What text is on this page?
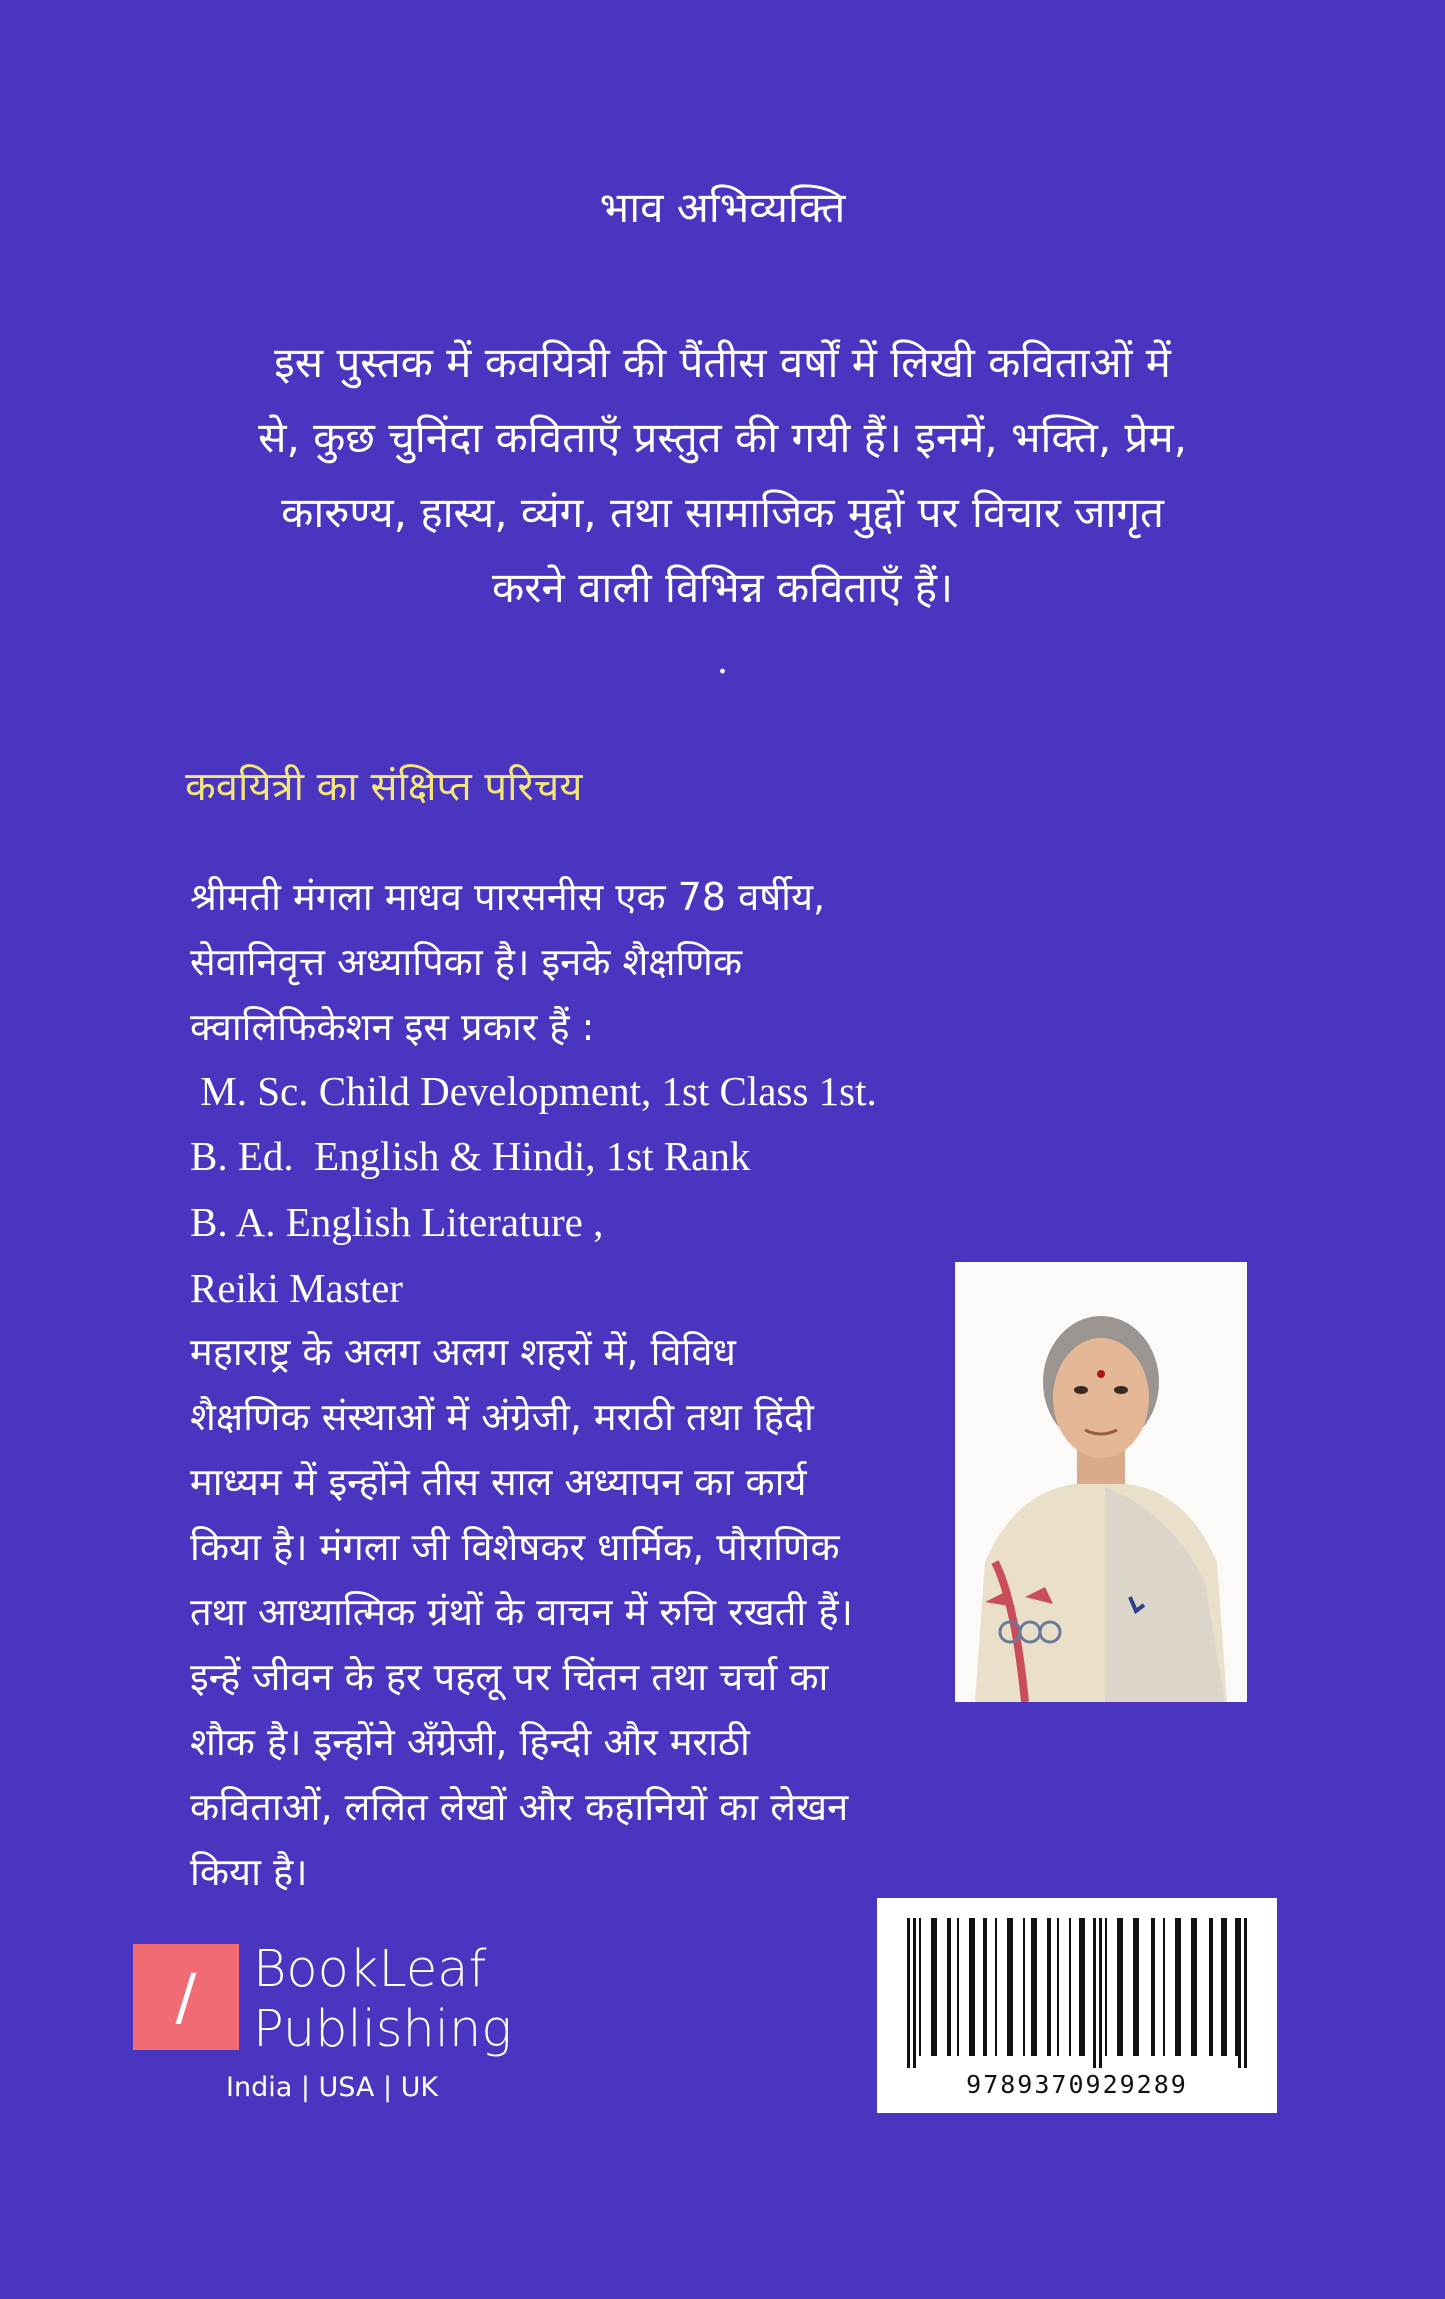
भाव अभिव्यक्ति
इस पुस्तक में कवयित्री की पैंतीस वर्षों में लिखी कविताओं में
से, कुछ चुनिंदा कविताएँ प्रस्तुत की गयी हैं। इनमें, भक्ति, प्रेम,
कारुण्य, हास्य, व्यंग, तथा सामाजिक मुद्दों पर विचार जागृत
करने वाली विभिन्न कविताएँ हैं।
.
कवयित्री का संक्षिप्त परिचय
श्रीमती मंगला माधव पारसनीस एक 78 वर्षीय,
सेवानिवृत्त अध्यापिका है। इनके शैक्षणिक
क्वालिफिकेशन इस प्रकार हैं :
M. Sc. Child Development, 1st Class 1st.
B. Ed.  English & Hindi, 1st Rank
B. A. English Literature ,
Reiki Master
महाराष्ट्र के अलग अलग शहरों में, विविध
शैक्षणिक संस्थाओं में अंग्रेजी, मराठी तथा हिंदी
माध्यम में इन्होंने तीस साल अध्यापन का कार्य
किया है। मंगला जी विशेषकर धार्मिक, पौराणिक
तथा आध्यात्मिक ग्रंथों के वाचन में रुचि रखती हैं।
इन्हें जीवन के हर पहलू पर चिंतन तथा चर्चा का
शौक है। इन्होंने अँग्रेजी, हिन्दी और मराठी
कविताओं, ललित लेखों और कहानियों का लेखन
किया है।
9789370929289
/	BookLeaf
Publishing
India | USA | UK
